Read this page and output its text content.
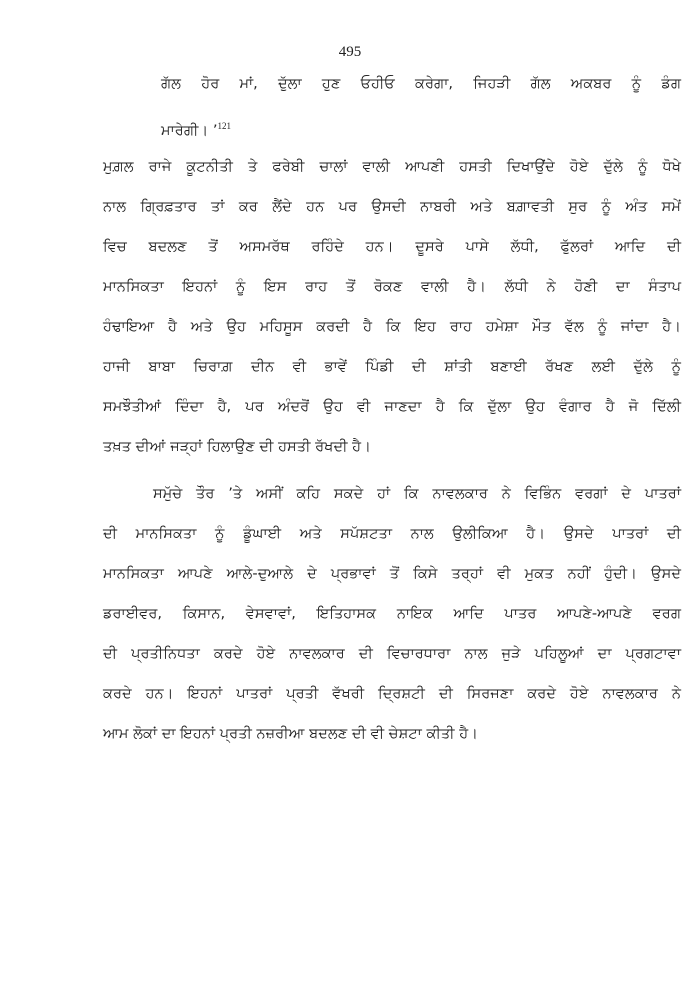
495
ਗੱਲ ਹੋਰ ਮਾਂ, ਦੁੱਲਾ ਹੁਣ ਓਹੀਓ ਕਰੇਗਾ, ਜਿਹੜੀ ਗੱਲ ਅਕਬਰ ਨੂੰ ਡੰਗ
ਮਾਰੇਗੀ। ’$^{121}$
ਮੁਗ਼ਲ ਰਾਜੇ ਕੂਟਨੀਤੀ ਤੇ ਫਰੇਬੀ ਚਾਲਾਂ ਵਾਲੀ ਆਪਣੀ ਹਸਤੀ ਦਿਖਾਉਂਦੇ ਹੋਏ ਦੁੱਲੇ ਨੂੰ ਧੋਖੇ
ਨਾਲ ਗ੍ਰਿਫ਼ਤਾਰ ਤਾਂ ਕਰ ਲੈਂਦੇ ਹਨ ਪਰ ਉਸਦੀ ਨਾਬਰੀ ਅਤੇ ਬਗ਼ਾਵਤੀ ਸੁਰ ਨੂੰ ਅੰਤ ਸਮੇਂ
ਵਿਚ ਬਦਲਣ ਤੋਂ ਅਸਮਰੱਥ ਰਹਿੰਦੇ ਹਨ। ਦੂਸਰੇ ਪਾਸੇ ਲੱਧੀ, ਫੁੱਲਰਾਂ ਆਦਿ ਦੀ
ਮਾਨਸਿਕਤਾ ਇਹਨਾਂ ਨੂੰ ਇਸ ਰਾਹ ਤੋਂ ਰੋਕਣ ਵਾਲੀ ਹੈ। ਲੱਧੀ ਨੇ ਹੋਣੀ ਦਾ ਸੰਤਾਪ
ਹੰਢਾਇਆ ਹੈ ਅਤੇ ਉਹ ਮਹਿਸੂਸ ਕਰਦੀ ਹੈ ਕਿ ਇਹ ਰਾਹ ਹਮੇਸ਼ਾ ਮੌਤ ਵੱਲ ਨੂੰ ਜਾਂਦਾ ਹੈ।
ਹਾਜੀ ਬਾਬਾ ਚਿਰਾਗ਼ ਦੀਨ ਵੀ ਭਾਵੇਂ ਪਿੰਡੀ ਦੀ ਸ਼ਾਂਤੀ ਬਣਾਈ ਰੱਖਣ ਲਈ ਦੁੱਲੇ ਨੂੰ
ਸਮਝੌਤੀਆਂ ਦਿੰਦਾ ਹੈ, ਪਰ ਅੰਦਰੋਂ ਉਹ ਵੀ ਜਾਣਦਾ ਹੈ ਕਿ ਦੁੱਲਾ ਉਹ ਵੰਗਾਰ ਹੈ ਜੋ ਦਿੱਲੀ
ਤਖ਼ਤ ਦੀਆਂ ਜੜ੍ਹਾਂ ਹਿਲਾਉਣ ਦੀ ਹਸਤੀ ਰੱਖਦੀ ਹੈ।
ਸਮੁੱਚੇ ਤੌਰ ’ਤੇ ਅਸੀਂ ਕਹਿ ਸਕਦੇ ਹਾਂ ਕਿ ਨਾਵਲਕਾਰ ਨੇ ਵਿਭਿੰਨ ਵਰਗਾਂ ਦੇ ਪਾਤਰਾਂ
ਦੀ ਮਾਨਸਿਕਤਾ ਨੂੰ ਡੂੰਘਾਈ ਅਤੇ ਸਪੱਸ਼ਟਤਾ ਨਾਲ ਉਲੀਕਿਆ ਹੈ। ਉਸਦੇ ਪਾਤਰਾਂ ਦੀ
ਮਾਨਸਿਕਤਾ ਆਪਣੇ ਆਲੇ-ਦੁਆਲੇ ਦੇ ਪ੍ਰਭਾਵਾਂ ਤੋਂ ਕਿਸੇ ਤਰ੍ਹਾਂ ਵੀ ਮੁਕਤ ਨਹੀਂ ਹੁੰਦੀ। ਉਸਦੇ
ਡਰਾਈਵਰ, ਕਿਸਾਨ, ਵੇਸਵਾਵਾਂ, ਇਤਿਹਾਸਕ ਨਾਇਕ ਆਦਿ ਪਾਤਰ ਆਪਣੇ-ਆਪਣੇ ਵਰਗ
ਦੀ ਪ੍ਰਤੀਨਿਧਤਾ ਕਰਦੇ ਹੋਏ ਨਾਵਲਕਾਰ ਦੀ ਵਿਚਾਰਧਾਰਾ ਨਾਲ ਜੁੜੇ ਪਹਿਲੂਆਂ ਦਾ ਪ੍ਰਗਟਾਵਾ
ਕਰਦੇ ਹਨ। ਇਹਨਾਂ ਪਾਤਰਾਂ ਪ੍ਰਤੀ ਵੱਖਰੀ ਦ੍ਰਿਸ਼ਟੀ ਦੀ ਸਿਰਜਣਾ ਕਰਦੇ ਹੋਏ ਨਾਵਲਕਾਰ ਨੇ
ਆਮ ਲੋਕਾਂ ਦਾ ਇਹਨਾਂ ਪ੍ਰਤੀ ਨਜ਼ਰੀਆ ਬਦਲਣ ਦੀ ਵੀ ਚੇਸ਼ਟਾ ਕੀਤੀ ਹੈ।
